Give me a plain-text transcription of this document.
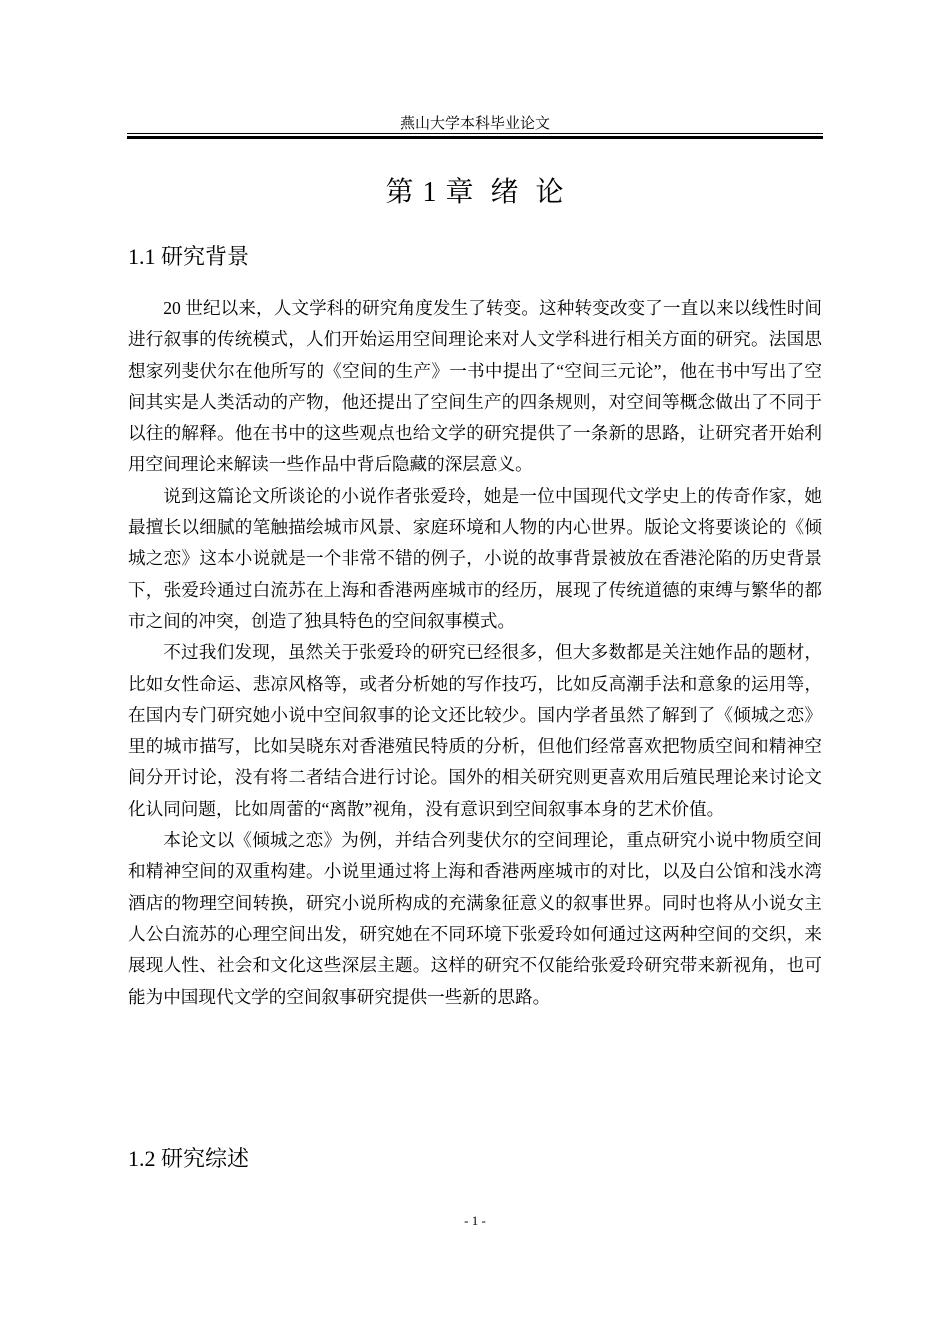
燕山大学本科毕业论文
第 1 章  绪  论
1.1 研究背景

20 世纪以来，人文学科的研究角度发生了转变。这种转变改变了一直以来以线性时间进行叙事的传统模式，人们开始运用空间理论来对人文学科进行相关方面的研究。法国思想家列斐伏尔在他所写的《空间的生产》一书中提出了“空间三元论”，他在书中写出了空间其实是人类活动的产物，他还提出了空间生产的四条规则，对空间等概念做出了不同于以往的解释。他在书中的这些观点也给文学的研究提供了一条新的思路，让研究者开始利用空间理论来解读一些作品中背后隐藏的深层意义。

说到这篇论文所谈论的小说作者张爱玲，她是一位中国现代文学史上的传奇作家，她最擅长以细腻的笔触描绘城市风景、家庭环境和人物的内心世界。版论文将要谈论的《倾城之恋》这本小说就是一个非常不错的例子，小说的故事背景被放在香港沦陷的历史背景下，张爱玲通过白流苏在上海和香港两座城市的经历，展现了传统道德的束缚与繁华的都市之间的冲突，创造了独具特色的空间叙事模式。

不过我们发现，虽然关于张爱玲的研究已经很多，但大多数都是关注她作品的题材，比如女性命运、悲凉风格等，或者分析她的写作技巧，比如反高潮手法和意象的运用等，在国内专门研究她小说中空间叙事的论文还比较少。国内学者虽然了解到了《倾城之恋》里的城市描写，比如吴晓东对香港殖民特质的分析，但他们经常喜欢把物质空间和精神空间分开讨论，没有将二者结合进行讨论。国外的相关研究则更喜欢用后殖民理论来讨论文化认同问题，比如周蕾的“离散”视角，没有意识到空间叙事本身的艺术价值。

本论文以《倾城之恋》为例，并结合列斐伏尔的空间理论，重点研究小说中物质空间和精神空间的双重构建。小说里通过将上海和香港两座城市的对比，以及白公馆和浅水湾酒店的物理空间转换，研究小说所构成的充满象征意义的叙事世界。同时也将从小说女主人公白流苏的心理空间出发，研究她在不同环境下张爱玲如何通过这两种空间的交织，来展现人性、社会和文化这些深层主题。这样的研究不仅能给张爱玲研究带来新视角，也可能为中国现代文学的空间叙事研究提供一些新的思路。

1.2 研究综述
- 1 -
